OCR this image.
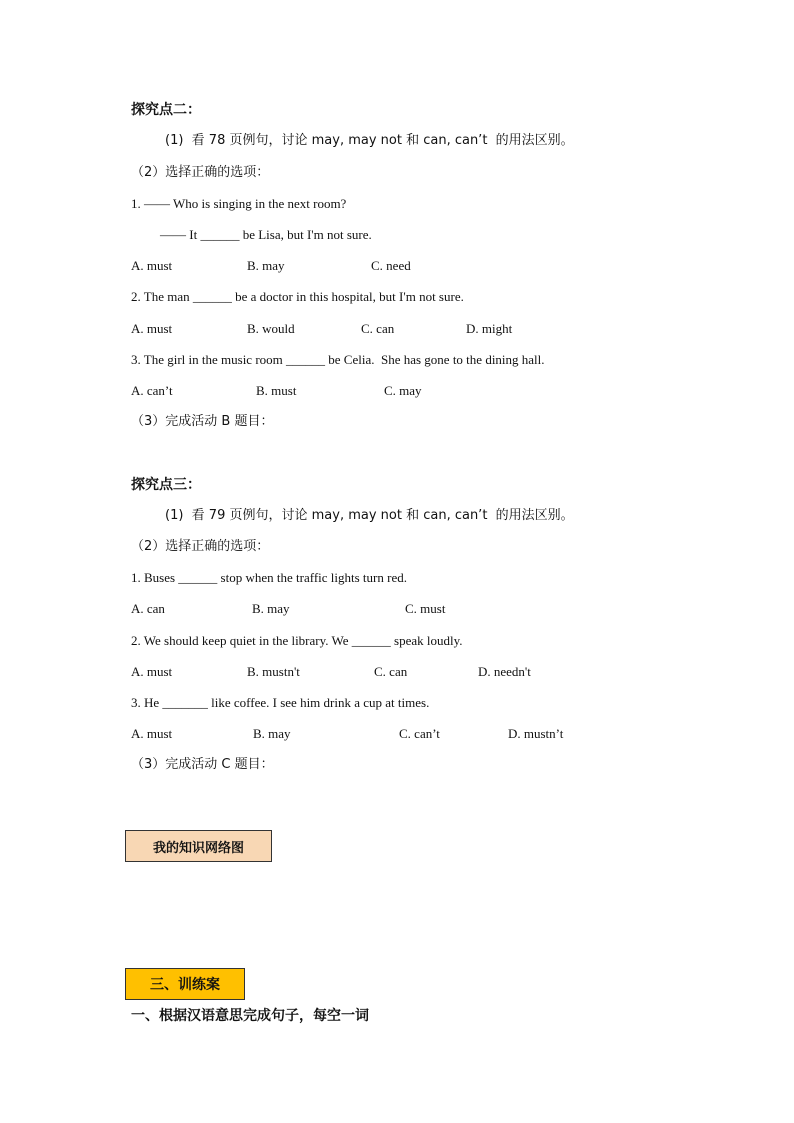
探究点二：
(1)  看 78 页例句，讨论 may, may not 和 can, can’t  的用法区别。
（2）选择正确的选项：
1. —— Who is singing in the next room?
—— It ______ be Lisa, but I'm not sure.
A. must	B. may	C. need
2. The man ______ be a doctor in this hospital, but I'm not sure.
A. must	B. would	C. can	D. might
3. The girl in the music room ______ be Celia.  She has gone to the dining hall.
A. can’t	B. must	C. may
（3）完成活动 B 题目：
探究点三：
(1)  看 79 页例句，讨论 may, may not 和 can, can’t  的用法区别。
（2）选择正确的选项：
1. Buses ______ stop when the traffic lights turn red.
A. can	B. may	C. must
2. We should keep quiet in the library. We ______ speak loudly.
A. must	B. mustn't	C. can	D. needn't
3. He _______ like coffee. I see him drink a cup at times.
A. must	B. may	C. can’t	D. mustn’t
（3）完成活动 C 题目：
我的知识网络图
三、训练案
一、根据汉语意思完成句子，每空一词
